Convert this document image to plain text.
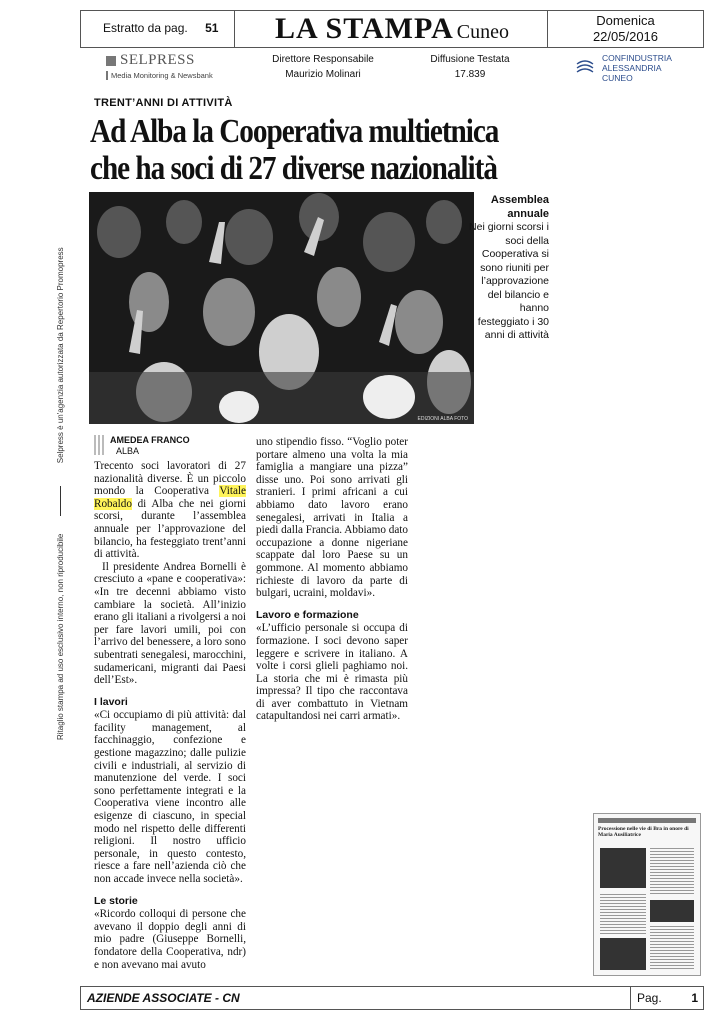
Estratto da pag. 51	LA STAMPA Cuneo
Domenica
22/05/2016
SELPRESS
Media Monitoring & Newsbank
Direttore Responsabile
Maurizio Molinari
Diffusione Testata
17.839
CONFINDUSTRIA
ALESSANDRIA
CUNEO
Ritaglio stampa ad uso esclusivo interno, non riproducibile  Selpress è un'agenzia autorizzata da Repertorio Promopress
TRENT’ANNI DI ATTIVITÀ
Ad Alba la Cooperativa multietnica
che ha soci di 27 diverse nazionalità
EDIZIONI ALBA FOTO
Assemblea annuale
Nei giorni scorsi i soci della Cooperativa si sono riuniti per l’approvazione del bilancio e hanno festeggiato i 30 anni di attività
AMEDEA FRANCO
ALBA

Trecento soci lavoratori di 27 nazionalità diverse. È un piccolo mondo la Cooperativa Vitale Robaldo di Alba che nei giorni scorsi, durante l’assemblea annuale per l’approvazione del bilancio, ha festeggiato trent’anni di attività.

Il presidente Andrea Bornelli è cresciuto a «pane e cooperativa»: «In tre decenni abbiamo visto cambiare la società. All’inizio erano gli italiani a rivolgersi a noi per fare lavori umili, poi con l’arrivo del benessere, a loro sono subentrati senegalesi, marocchini, sudamericani, migranti dai Paesi dell’Est».

I lavori

«Ci occupiamo di più attività: dal facility management, al facchinaggio, confezione e gestione magazzino; dalle pulizie civili e industriali, al servizio di manutenzione del verde. I soci sono perfettamente integrati e la Cooperativa viene incontro alle esigenze di ciascuno, in special modo nel rispetto delle differenti religioni. Il nostro ufficio personale, in questo contesto, riesce a fare nell’azienda ciò che non accade invece nella società».

Le storie

«Ricordo colloqui di persone che avevano il doppio degli anni di mio padre (Giuseppe Bornelli, fondatore della Cooperativa, ndr) e non avevano mai avuto

uno stipendio fisso. “Voglio poter portare almeno una volta la mia famiglia a mangiare una pizza” disse uno. Poi sono arrivati gli stranieri. I primi africani a cui abbiamo dato lavoro erano senegalesi, arrivati in Italia a piedi dalla Francia. Abbiamo dato occupazione a donne nigeriane scappate dal loro Paese su un gommone. Al momento abbiamo richieste di lavoro da parte di bulgari, ucraini, moldavi».

Lavoro e formazione

«L’ufficio personale si occupa di formazione. I soci devono saper leggere e scrivere in italiano. A volte i corsi glieli paghiamo noi. La storia che mi è rimasta più impressa? Il tipo che raccontava di aver combattuto in Vietnam catapultandosi nei carri armati».

Processione nelle vie di Bra in onore di Maria Ausiliatrice
AZIENDE ASSOCIATE - CN	Pag. 1
